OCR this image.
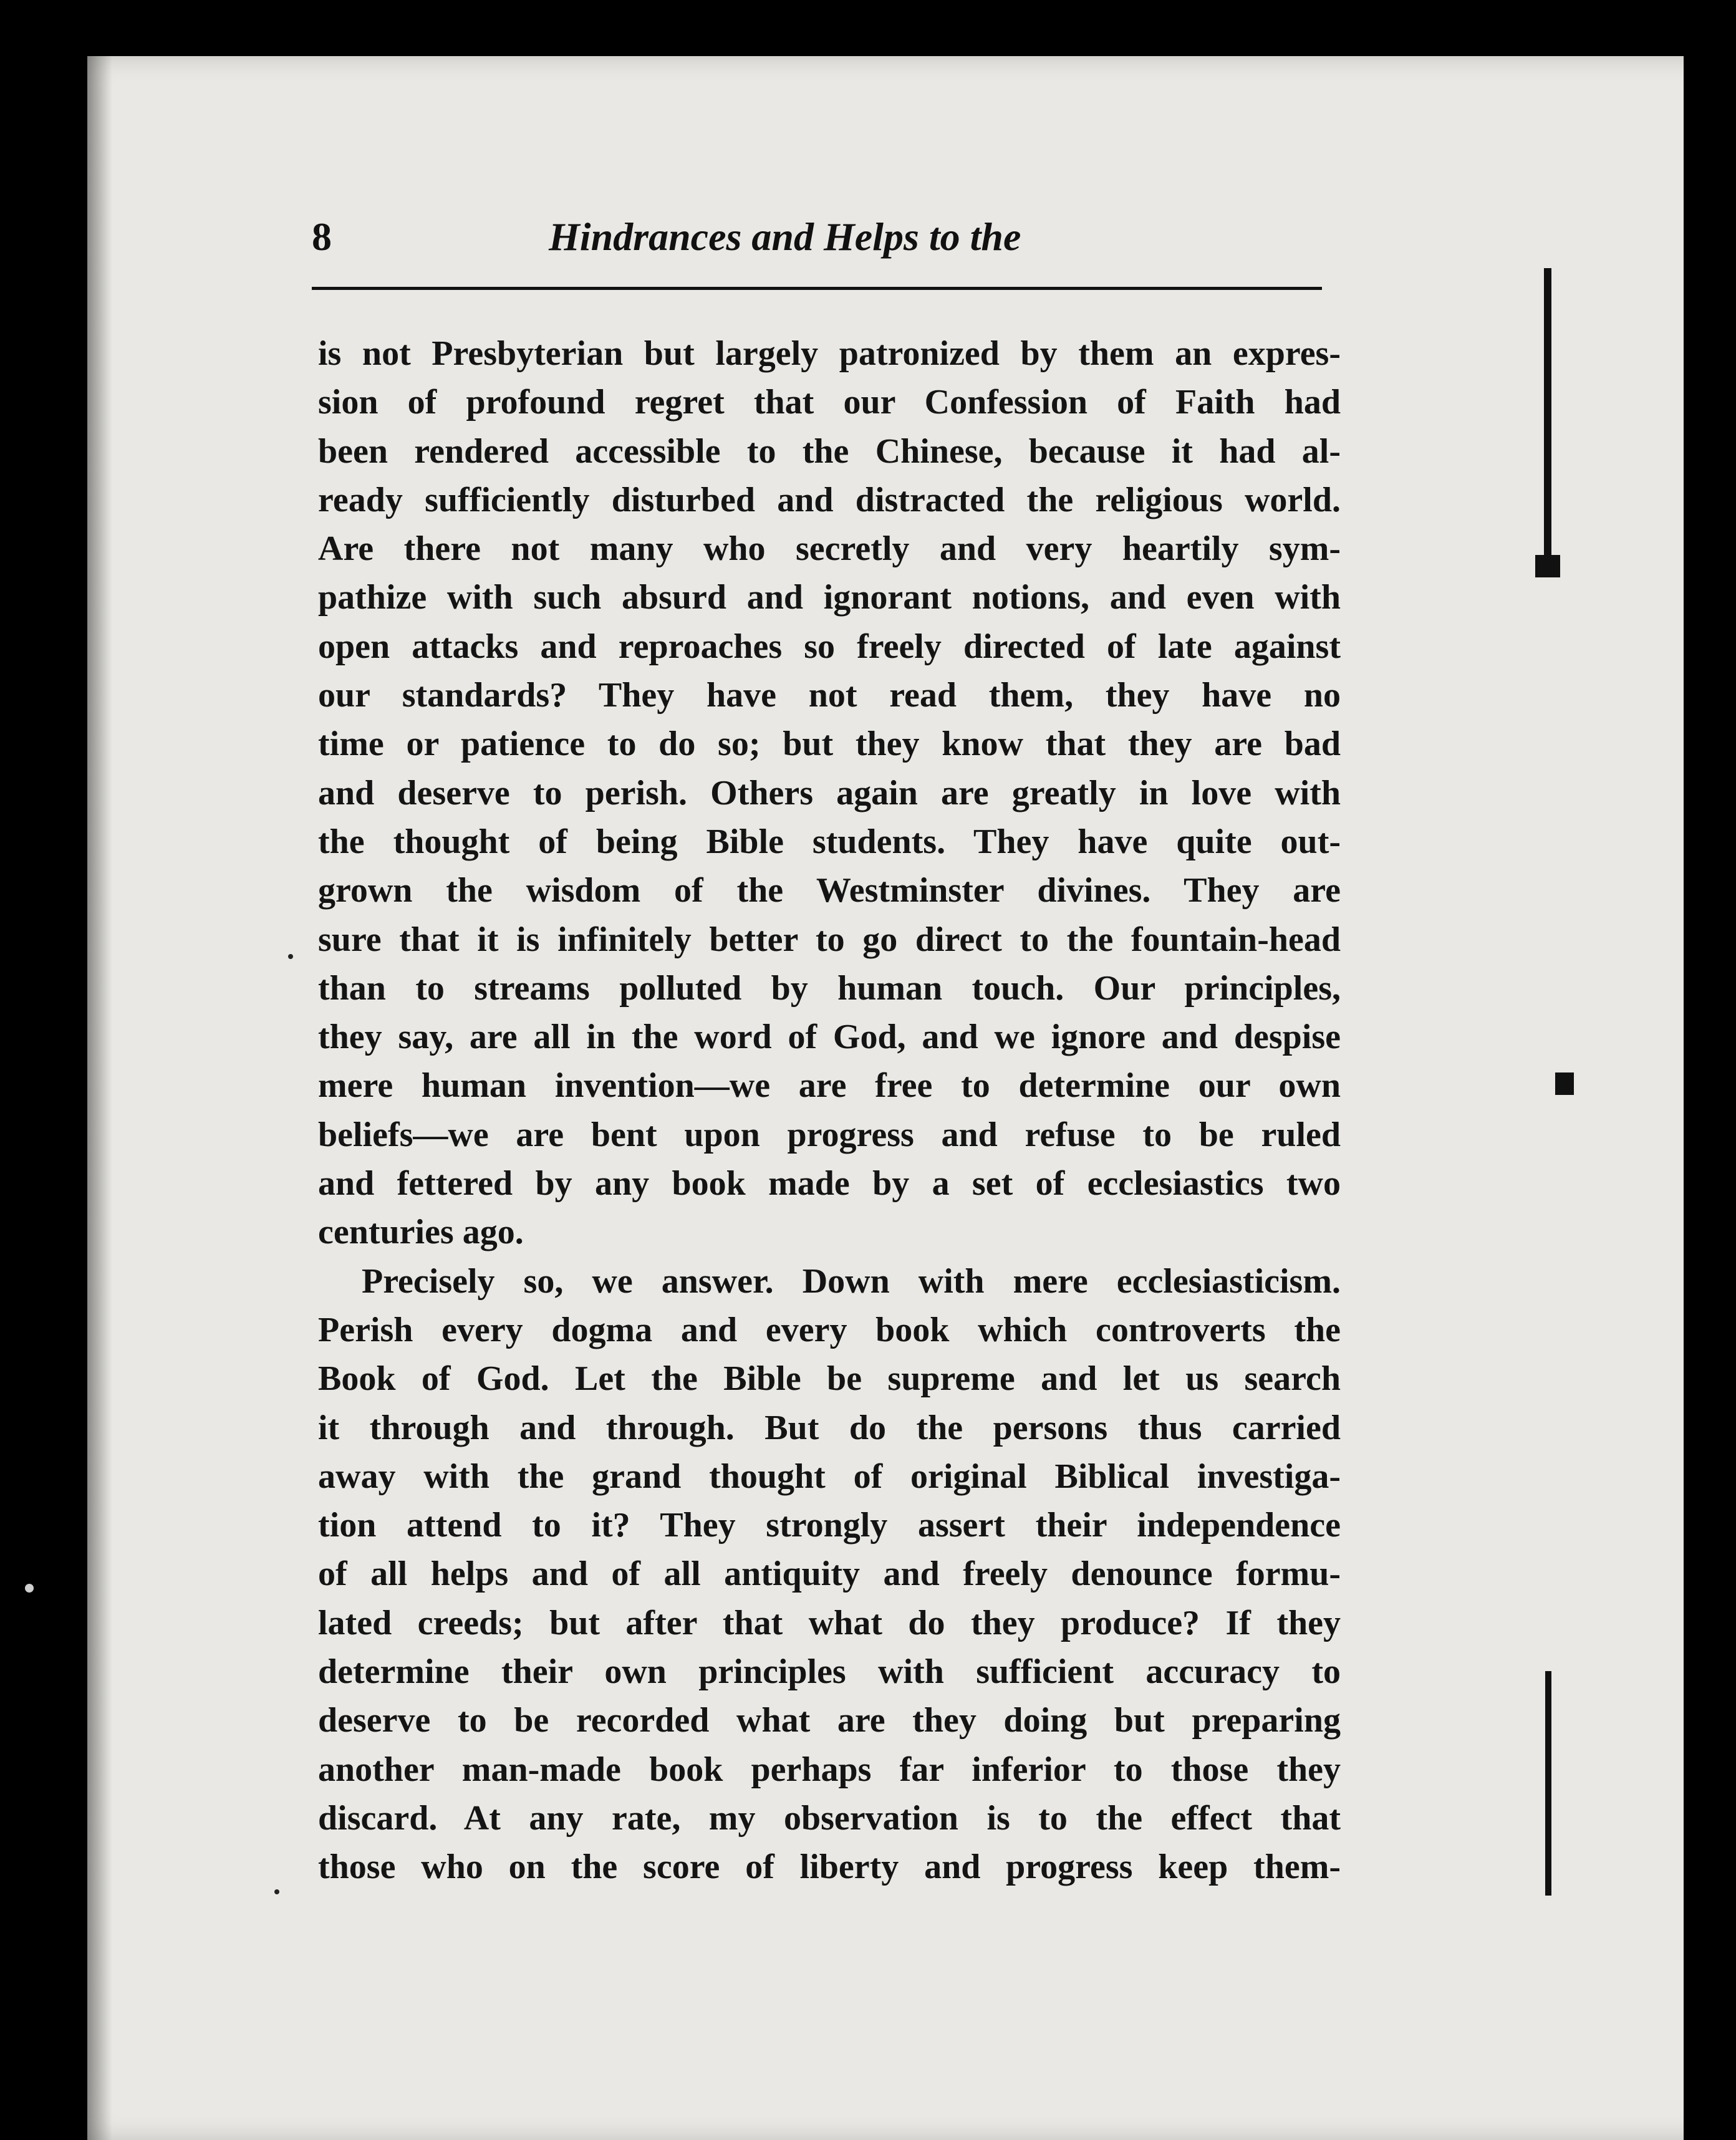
8	Hindrances and Helps to the
is not Presbyterian but largely patronized by them an expres-
sion of profound regret that our Confession of Faith had
been rendered accessible to the Chinese, because it had al-
ready sufficiently disturbed and distracted the religious world.
Are there not many who secretly and very heartily sym-
pathize with such absurd and ignorant notions, and even with
open attacks and reproaches so freely directed of late against
our standards? They have not read them, they have no
time or patience to do so; but they know that they are bad
and deserve to perish. Others again are greatly in love with
the thought of being Bible students. They have quite out-
grown the wisdom of the Westminster divines. They are
sure that it is infinitely better to go direct to the fountain-head
than to streams polluted by human touch. Our principles,
they say, are all in the word of God, and we ignore and despise
mere human invention—we are free to determine our own
beliefs—we are bent upon progress and refuse to be ruled
and fettered by any book made by a set of ecclesiastics two
centuries ago.
Precisely so, we answer. Down with mere ecclesiasticism.
Perish every dogma and every book which controverts the
Book of God. Let the Bible be supreme and let us search
it through and through. But do the persons thus carried
away with the grand thought of original Biblical investiga-
tion attend to it? They strongly assert their independence
of all helps and of all antiquity and freely denounce formu-
lated creeds; but after that what do they produce? If they
determine their own principles with sufficient accuracy to
deserve to be recorded what are they doing but preparing
another man-made book perhaps far inferior to those they
discard. At any rate, my observation is to the effect that
those who on the score of liberty and progress keep them-
